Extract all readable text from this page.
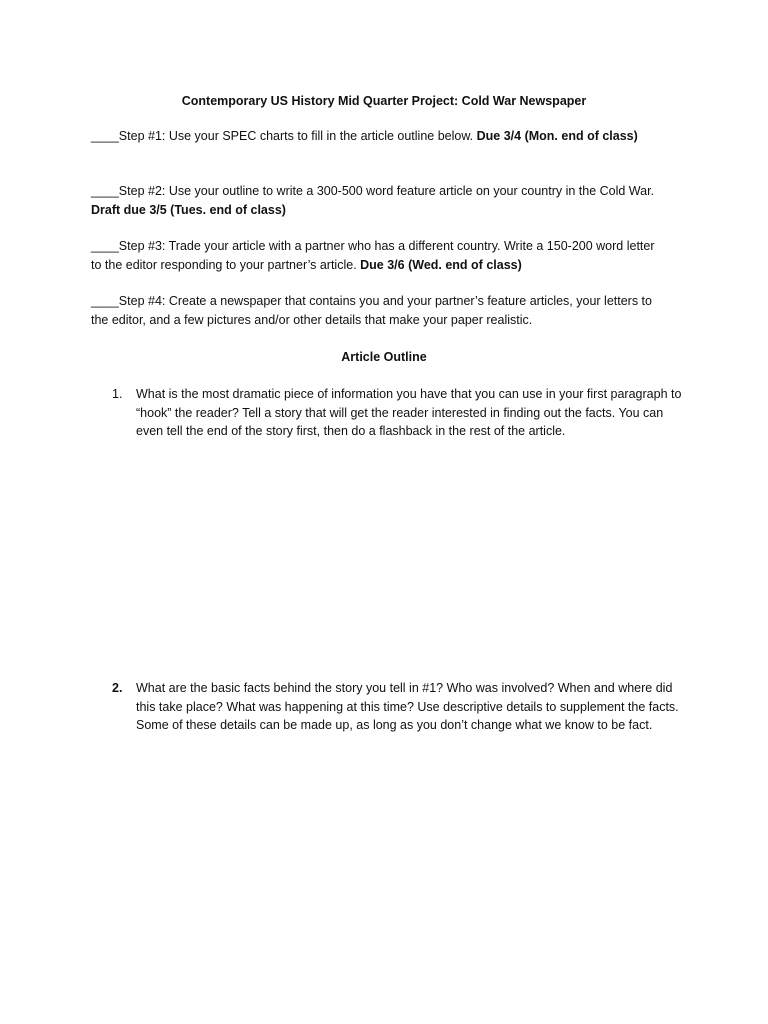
Contemporary US History Mid Quarter Project: Cold War Newspaper
____Step #1: Use your SPEC charts to fill in the article outline below. Due 3/4 (Mon. end of class)
____Step #2: Use your outline to write a 300-500 word feature article on your country in the Cold War. Draft due 3/5 (Tues. end of class)
____Step #3: Trade your article with a partner who has a different country. Write a 150-200 word letter to the editor responding to your partner’s article. Due 3/6 (Wed. end of class)
____Step #4: Create a newspaper that contains you and your partner’s feature articles, your letters to the editor, and a few pictures and/or other details that make your paper realistic.
Article Outline
1. What is the most dramatic piece of information you have that you can use in your first paragraph to “hook” the reader? Tell a story that will get the reader interested in finding out the facts. You can even tell the end of the story first, then do a flashback in the rest of the article.
2. What are the basic facts behind the story you tell in #1? Who was involved? When and where did this take place? What was happening at this time? Use descriptive details to supplement the facts. Some of these details can be made up, as long as you don’t change what we know to be fact.
